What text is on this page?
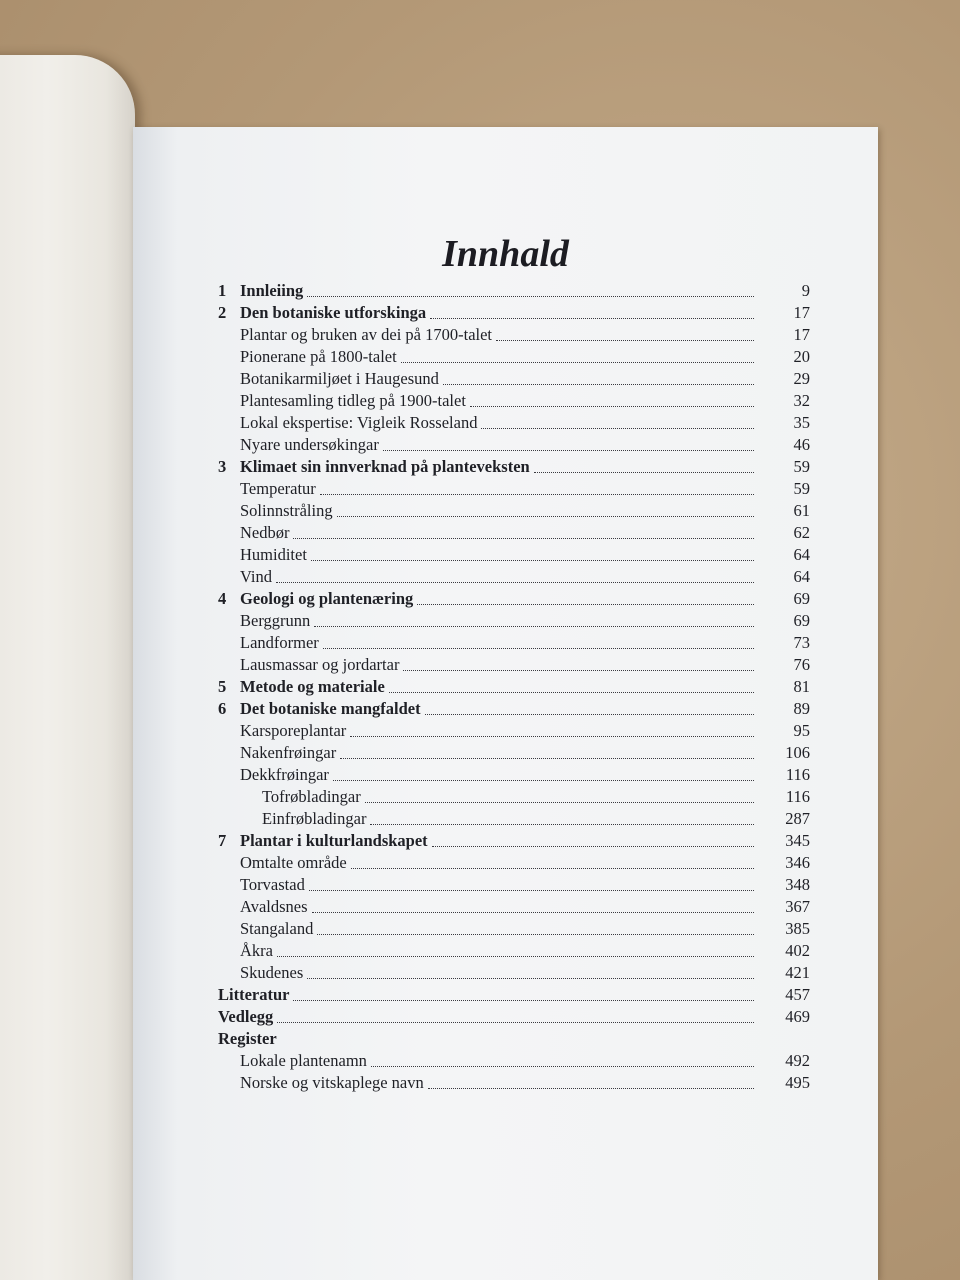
Innhald
1 Innleiing	9
2 Den botaniske utforskinga	17
Plantar og bruken av dei på 1700-talet	17
Pionerane på 1800-talet	20
Botanikarmiljøet i Haugesund	29
Plantesamling tidleg på 1900-talet	32
Lokal ekspertise: Vigleik Rosseland	35
Nyare undersøkingar	46
3 Klimaet sin innverknad på planteveksten	59
Temperatur	59
Solinnstråling	61
Nedbør	62
Humiditet	64
Vind	64
4 Geologi og plantenæring	69
Berggrunn	69
Landformer	73
Lausmassar og jordartar	76
5 Metode og materiale	81
6 Det botaniske mangfaldet	89
Karsporeplantar	95
Nakenfrøingar	106
Dekkfrøingar	116
Tofrøbladingar	116
Einfrøbladingar	287
7 Plantar i kulturlandskapet	345
Omtalte område	346
Torvastad	348
Avaldsnes	367
Stangaland	385
Åkra	402
Skudenes	421
Litteratur	457
Vedlegg	469
Register
Lokale plantenamn	492
Norske og vitskaplege navn	495
